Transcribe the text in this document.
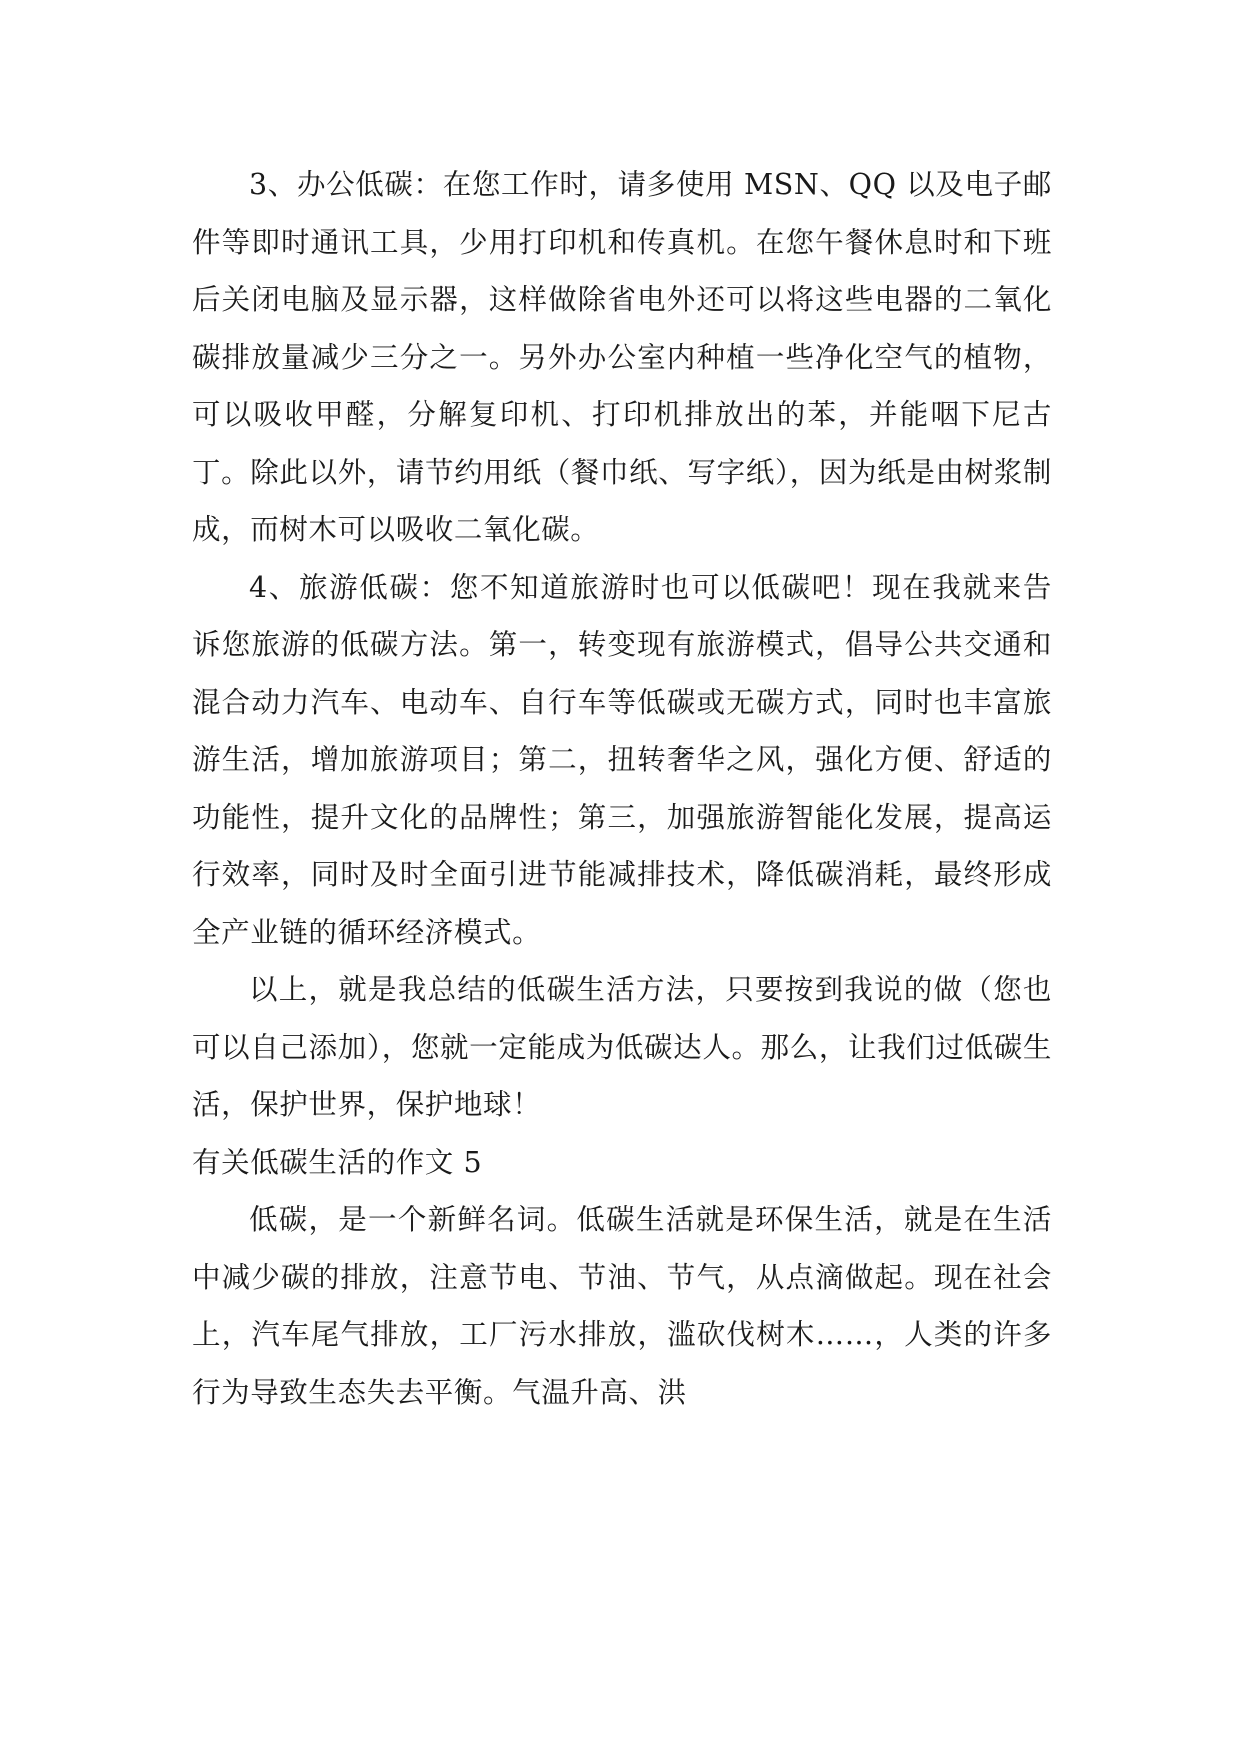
3、办公低碳：在您工作时，请多使用 MSN、QQ 以及电子邮件等即时通讯工具，少用打印机和传真机。在您午餐休息时和下班后关闭电脑及显示器，这样做除省电外还可以将这些电器的二氧化碳排放量减少三分之一。另外办公室内种植一些净化空气的植物，可以吸收甲醛，分解复印机、打印机排放出的苯，并能咽下尼古丁。除此以外，请节约用纸（餐巾纸、写字纸），因为纸是由树浆制成，而树木可以吸收二氧化碳。

4、旅游低碳：您不知道旅游时也可以低碳吧！现在我就来告诉您旅游的低碳方法。第一，转变现有旅游模式，倡导公共交通和混合动力汽车、电动车、自行车等低碳或无碳方式，同时也丰富旅游生活，增加旅游项目；第二，扭转奢华之风，强化方便、舒适的功能性，提升文化的品牌性；第三，加强旅游智能化发展，提高运行效率，同时及时全面引进节能减排技术，降低碳消耗，最终形成全产业链的循环经济模式。

以上，就是我总结的低碳生活方法，只要按到我说的做（您也可以自己添加），您就一定能成为低碳达人。那么，让我们过低碳生活，保护世界，保护地球！

有关低碳生活的作文 5

低碳，是一个新鲜名词。低碳生活就是环保生活，就是在生活中减少碳的排放，注意节电、节油、节气，从点滴做起。现在社会上，汽车尾气排放，工厂污水排放，滥砍伐树木……，人类的许多行为导致生态失去平衡。气温升高、洪
